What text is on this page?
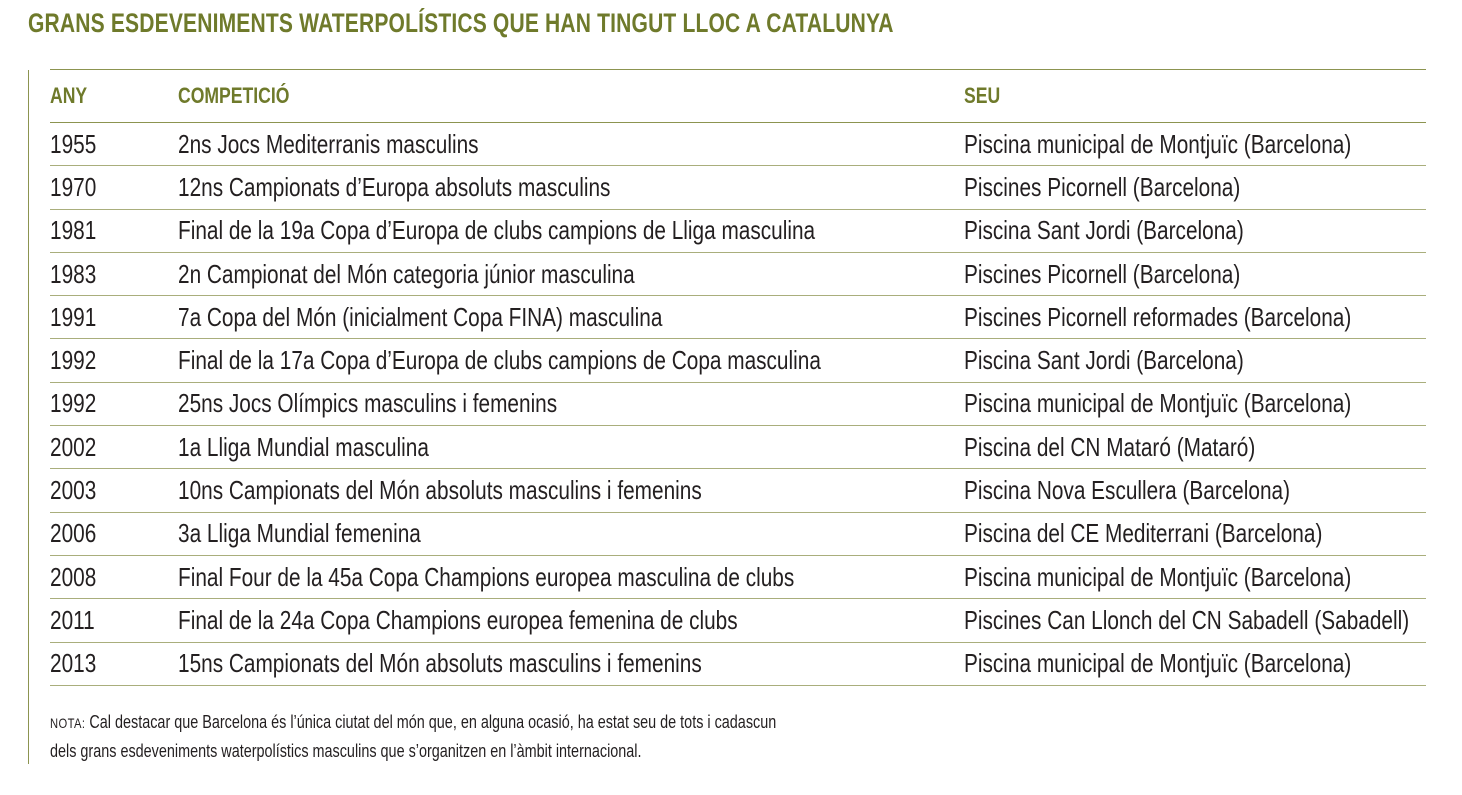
GRANS ESDEVENIMENTS WATERPOLÍSTICS QUE HAN TINGUT LLOC A CATALUNYA
ANY	COMPETICIÓ	SEU
1955	2ns Jocs Mediterranis masculins	Piscina municipal de Montjuïc (Barcelona)
1970	12ns Campionats d’Europa absoluts masculins	Piscines Picornell (Barcelona)
1981	Final de la 19a Copa d’Europa de clubs campions de Lliga masculina	Piscina Sant Jordi (Barcelona)
1983	2n Campionat del Món categoria júnior masculina	Piscines Picornell (Barcelona)
1991	7a Copa del Món (inicialment Copa FINA) masculina	Piscines Picornell reformades (Barcelona)
1992	Final de la 17a Copa d’Europa de clubs campions de Copa masculina	Piscina Sant Jordi (Barcelona)
1992	25ns Jocs Olímpics masculins i femenins	Piscina municipal de Montjuïc (Barcelona)
2002	1a Lliga Mundial masculina	Piscina del CN Mataró (Mataró)
2003	10ns Campionats del Món absoluts masculins i femenins	Piscina Nova Escullera (Barcelona)
2006	3a Lliga Mundial femenina	Piscina del CE Mediterrani (Barcelona)
2008	Final Four de la 45a Copa Champions europea masculina de clubs	Piscina municipal de Montjuïc (Barcelona)
2011	Final de la 24a Copa Champions europea femenina de clubs	Piscines Can Llonch del CN Sabadell (Sabadell)
2013	15ns Campionats del Món absoluts masculins i femenins	Piscina municipal de Montjuïc (Barcelona)
NOTA: Cal destacar que Barcelona és l’única ciutat del món que, en alguna ocasió, ha estat seu de tots i cadascun
dels grans esdeveniments waterpolístics masculins que s’organitzen en l’àmbit internacional.
